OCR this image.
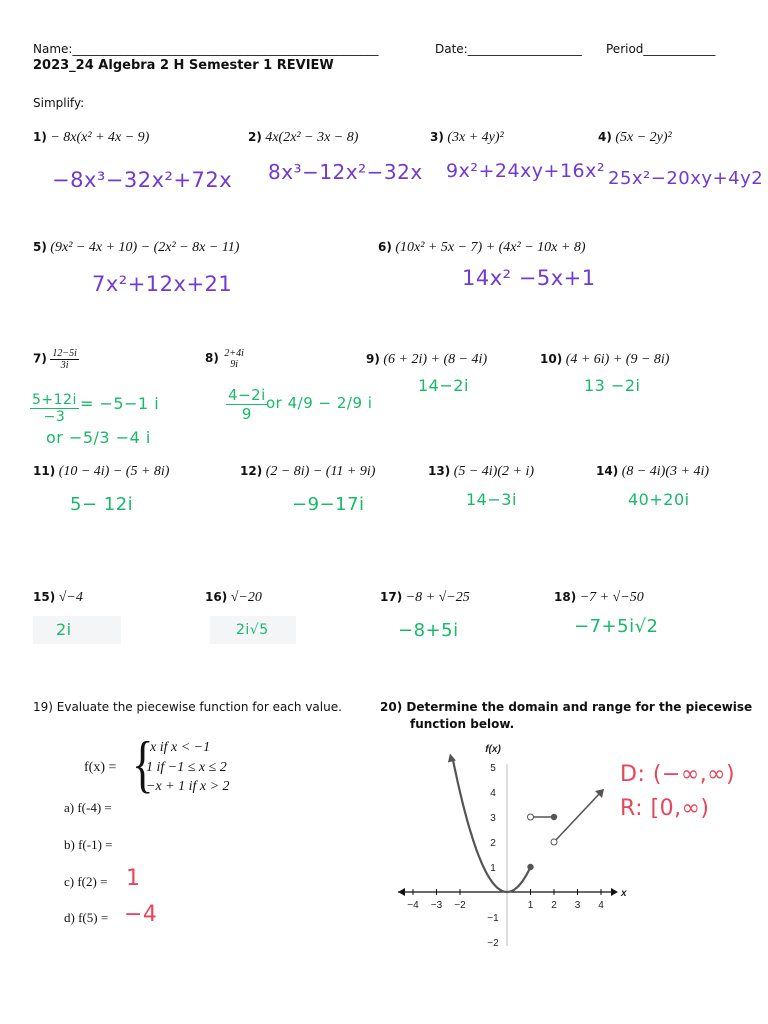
Name:___________________________________________________	Date:___________________ Period____________
2023_24 Algebra 2 H Semester 1 REVIEW
Simplify:
1) − 8x(x² + 4x − 9)
−8x³−32x²+72x
2) 4x(2x² − 3x − 8)
8x³−12x²−32x
3) (3x + 4y)²
9x²+24xy+16x²
4) (5x − 2y)²
25x²−20xy+4y2
5) (9x² − 4x + 10) − (2x² − 8x − 11)
7x²+12x+21
6) (10x² + 5x − 7) + (4x² − 10x + 8)
14x² −5x+1
$7) \frac{12-5i}{3i}$
$\frac{5+12i}{-3} = -5-1$ i
or −5/3 −4 i
8) 2+4i
9i
$\frac{4-2i}{9}$
or 4/9 − 2/9 i
9) (6 + 2i) + (8 − 4i)
14−2i
10) (4 + 6i) + (9 − 8i)
13 −2i
11) (10 − 4i) − (5 + 8i)
5− 12i
12) (2 − 8i) − (11 + 9i)
−9−17i
13) (5 − 4i)(2 + i)
14−3i
14) (8 − 4i)(3 + 4i)
40+20i
15) √−4
2i
16) √−20
2i√5
17) −8 + √−25
−8+5i
18) −7 + √−50
−7+5i√2
19) Evaluate the piecewise function for each value.
f(x) = {
x if x < −1
1 if −1 ≤ x ≤ 2
−x + 1 if x > 2
a) f(-4) =
b) f(-1) =
c) f(2) = 1
d) f(5) = −4
20) Determine the domain and range for the piecewise
function below.
D: (−∞,∞)
R: [0,∞)
−4 −3 −2	1 2 3 4
5
4
3
2
1
−1
−2
f(x)
x
